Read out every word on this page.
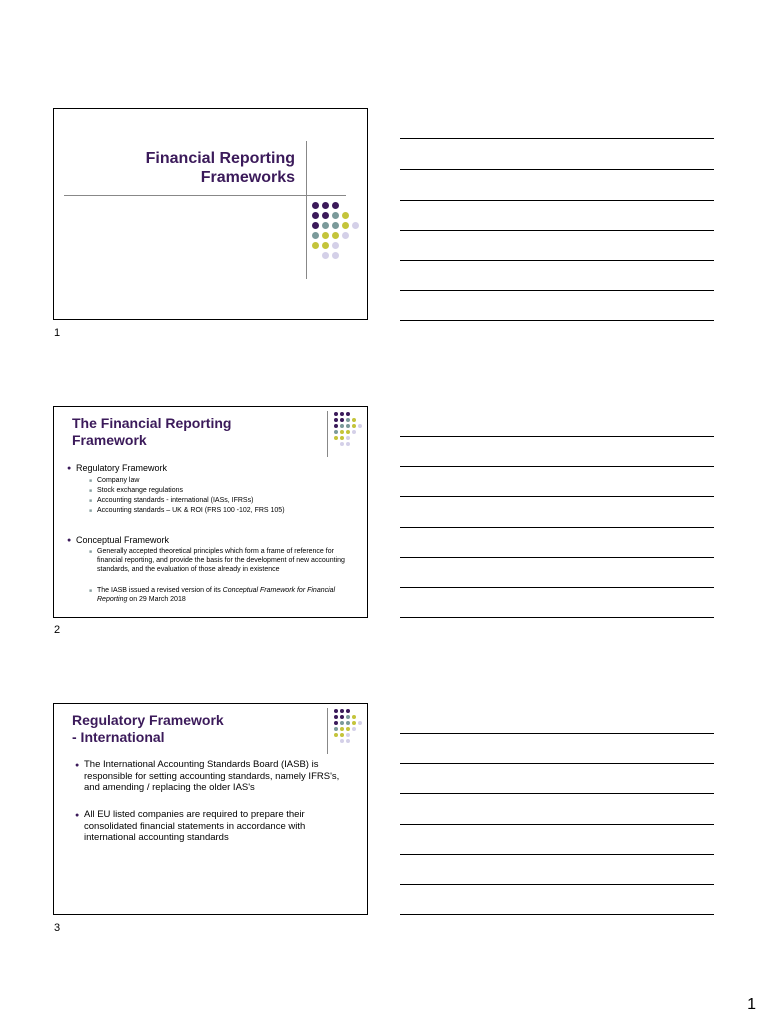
Financial Reporting
Frameworks
1
The Financial Reporting
Framework
● Regulatory Framework
■ Company law
■ Stock exchange regulations
■ Accounting standards - international (IASs, IFRSs)
■ Accounting standards – UK & ROI (FRS 100 -102, FRS 105)
● Conceptual Framework
■ Generally accepted theoretical principles which form a frame of reference for financial reporting, and provide the basis for the development of new accounting standards, and the evaluation of those already in existence
■ The IASB issued a revised version of its Conceptual Framework for Financial Reporting on 29 March 2018
2
Regulatory Framework
- International
● The International Accounting Standards Board (IASB) is responsible for setting accounting standards, namely IFRS's, and amending / replacing the older IAS's
● All EU listed companies are required to prepare their consolidated financial statements in accordance with international accounting standards
3
1
